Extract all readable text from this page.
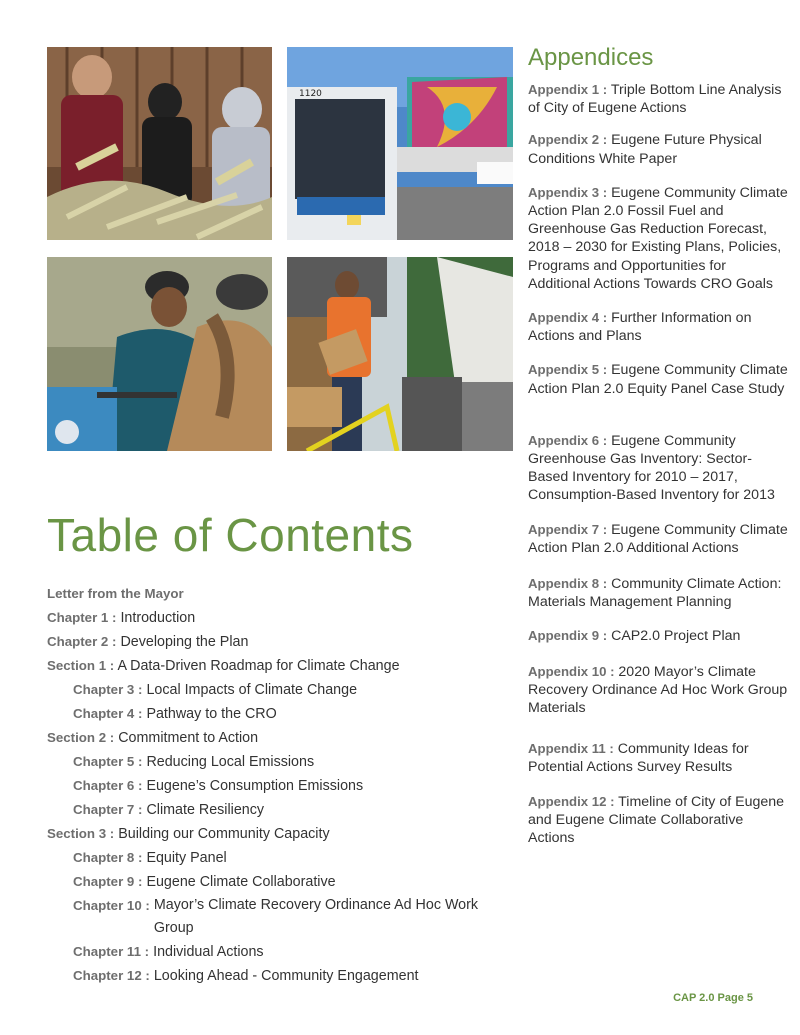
1120
Appendices
Appendix 1 : Triple Bottom Line Analysis of City of Eugene Actions
Appendix 2 : Eugene Future Physical Conditions White Paper
Appendix 3 : Eugene Community Climate Action Plan 2.0 Fossil Fuel and Greenhouse Gas Reduction Forecast, 2018 – 2030 for Existing Plans, Policies, Programs and Opportunities for Additional Actions Towards CRO Goals
Appendix 4 : Further Information on Actions and Plans
Appendix 5 : Eugene Community Climate Action Plan 2.0 Equity Panel Case Study
Appendix 6 : Eugene Community Greenhouse Gas Inventory: Sector-Based Inventory for 2010 – 2017, Consumption-Based Inventory for 2013
Appendix 7 : Eugene Community Climate Action Plan 2.0 Additional Actions
Appendix 8 : Community Climate Action: Materials Management Planning
Appendix 9 : CAP2.0 Project Plan
Appendix 10 : 2020 Mayor’s Climate Recovery Ordinance Ad Hoc Work Group Materials
Appendix 11 : Community Ideas for Potential Actions Survey Results
Appendix 12 : Timeline of City of Eugene and Eugene Climate Collaborative Actions
Table of Contents
Letter from the Mayor
Chapter 1 : Introduction
Chapter 2 : Developing the Plan
Section 1 : A Data-Driven Roadmap for Climate Change
Chapter 3 : Local Impacts of Climate Change
Chapter 4 : Pathway to the CRO
Section 2 : Commitment to Action
Chapter 5 : Reducing Local Emissions
Chapter 6 : Eugene’s Consumption Emissions
Chapter 7 : Climate Resiliency
Section 3 : Building our Community Capacity
Chapter 8 : Equity Panel
Chapter 9 : Eugene Climate Collaborative
Chapter 10 : Mayor’s Climate Recovery Ordinance Ad Hoc Work Group
Chapter 11 : Individual Actions
Chapter 12 : Looking Ahead - Community Engagement
CAP 2.0 Page 5
